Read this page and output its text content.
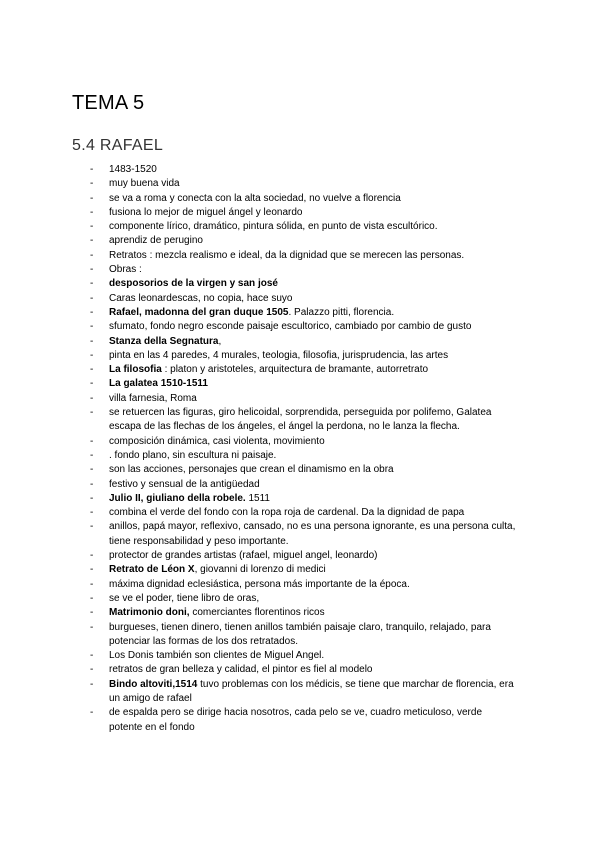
TEMA 5
5.4 RAFAEL
- 1483-1520
- muy buena vida
- se va a roma y conecta con la alta sociedad, no vuelve a florencia
- fusiona lo mejor de miguel ángel y leonardo
- componente lírico, dramático, pintura sólida, en punto de vista escultórico.
- aprendiz de perugino
- Retratos : mezcla realismo e ideal, da la dignidad que se merecen las personas.
- Obras :
- desposorios de la virgen y san josé
- Caras leonardescas, no copia, hace suyo
- Rafael, madonna del gran duque 1505. Palazzo pitti, florencia.
- sfumato, fondo negro esconde paisaje escultorico, cambiado por cambio de gusto
- Stanza della Segnatura,
- pinta en las 4 paredes, 4 murales, teologia, filosofia, jurisprudencia, las artes
- La filosofia : platon y aristoteles, arquitectura de bramante, autorretrato
- La galatea 1510-1511
- villa farnesia, Roma
- se retuercen las figuras, giro helicoidal, sorprendida, perseguida por polifemo, Galatea escapa de las flechas de los ángeles, el ángel la perdona, no le lanza la flecha.
- composición dinámica, casi violenta, movimiento
- . fondo plano, sin escultura ni paisaje.
- son las acciones, personajes que crean el dinamismo en la obra
- festivo y sensual de la antigüedad
- Julio II, giuliano della robele. 1511
- combina el verde del fondo con la ropa roja de cardenal. Da la dignidad de papa
- anillos, papá mayor, reflexivo, cansado, no es una persona ignorante, es una persona culta, tiene responsabilidad y peso importante.
- protector de grandes artistas (rafael, miguel angel, leonardo)
- Retrato de Léon X, giovanni di lorenzo di medici
- máxima dignidad eclesiástica, persona más importante de la época.
- se ve el poder, tiene libro de oras,
- Matrimonio doni, comerciantes florentinos ricos
- burgueses, tienen dinero, tienen anillos también paisaje claro, tranquilo, relajado, para potenciar las formas de los dos retratados.
- Los Donis también son clientes de Miguel Angel.
- retratos de gran belleza y calidad, el pintor es fiel al modelo
- Bindo altoviti,1514 tuvo problemas con los médicis, se tiene que marchar de florencia, era un amigo de rafael
- de espalda pero se dirige hacia nosotros, cada pelo se ve, cuadro meticuloso, verde potente en el fondo
